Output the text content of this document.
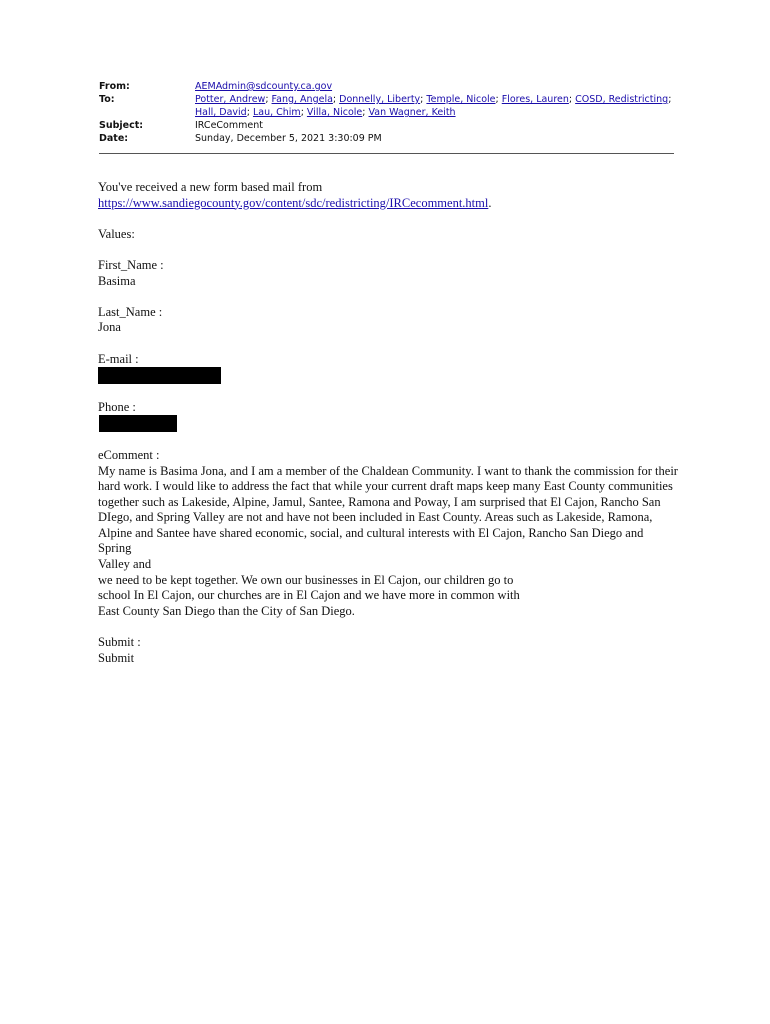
From:	AEMAdmin@sdcounty.ca.gov
To:	Potter, Andrew; Fang, Angela; Donnelly, Liberty; Temple, Nicole; Flores, Lauren; COSD, Redistricting; Hall, David; Lau, Chim; Villa, Nicole; Van Wagner, Keith
Subject:	IRCeComment
Date:	Sunday, December 5, 2021 3:30:09 PM
You've received a new form based mail from
https://www.sandiegocounty.gov/content/sdc/redistricting/IRCecomment.html.
Values:
First_Name :
Basima
Last_Name :
Jona
E-mail :
Phone :
eComment :
My name is Basima Jona, and I am a member of the Chaldean Community. I want to thank the commission for their
hard work. I would like to address the fact that while your current draft maps keep many East County communities
together such as Lakeside, Alpine, Jamul, Santee, Ramona and Poway, I am surprised that El Cajon, Rancho San
DIego, and Spring Valley are not and have not been included in East County. Areas such as Lakeside, Ramona,
Alpine and Santee have shared economic, social, and cultural interests with El Cajon, Rancho San Diego and Spring
Valley and
we need to be kept together. We own our businesses in El Cajon, our children go to
school In El Cajon, our churches are in El Cajon and we have more in common with
East County San Diego than the City of San Diego.
Submit :
Submit
